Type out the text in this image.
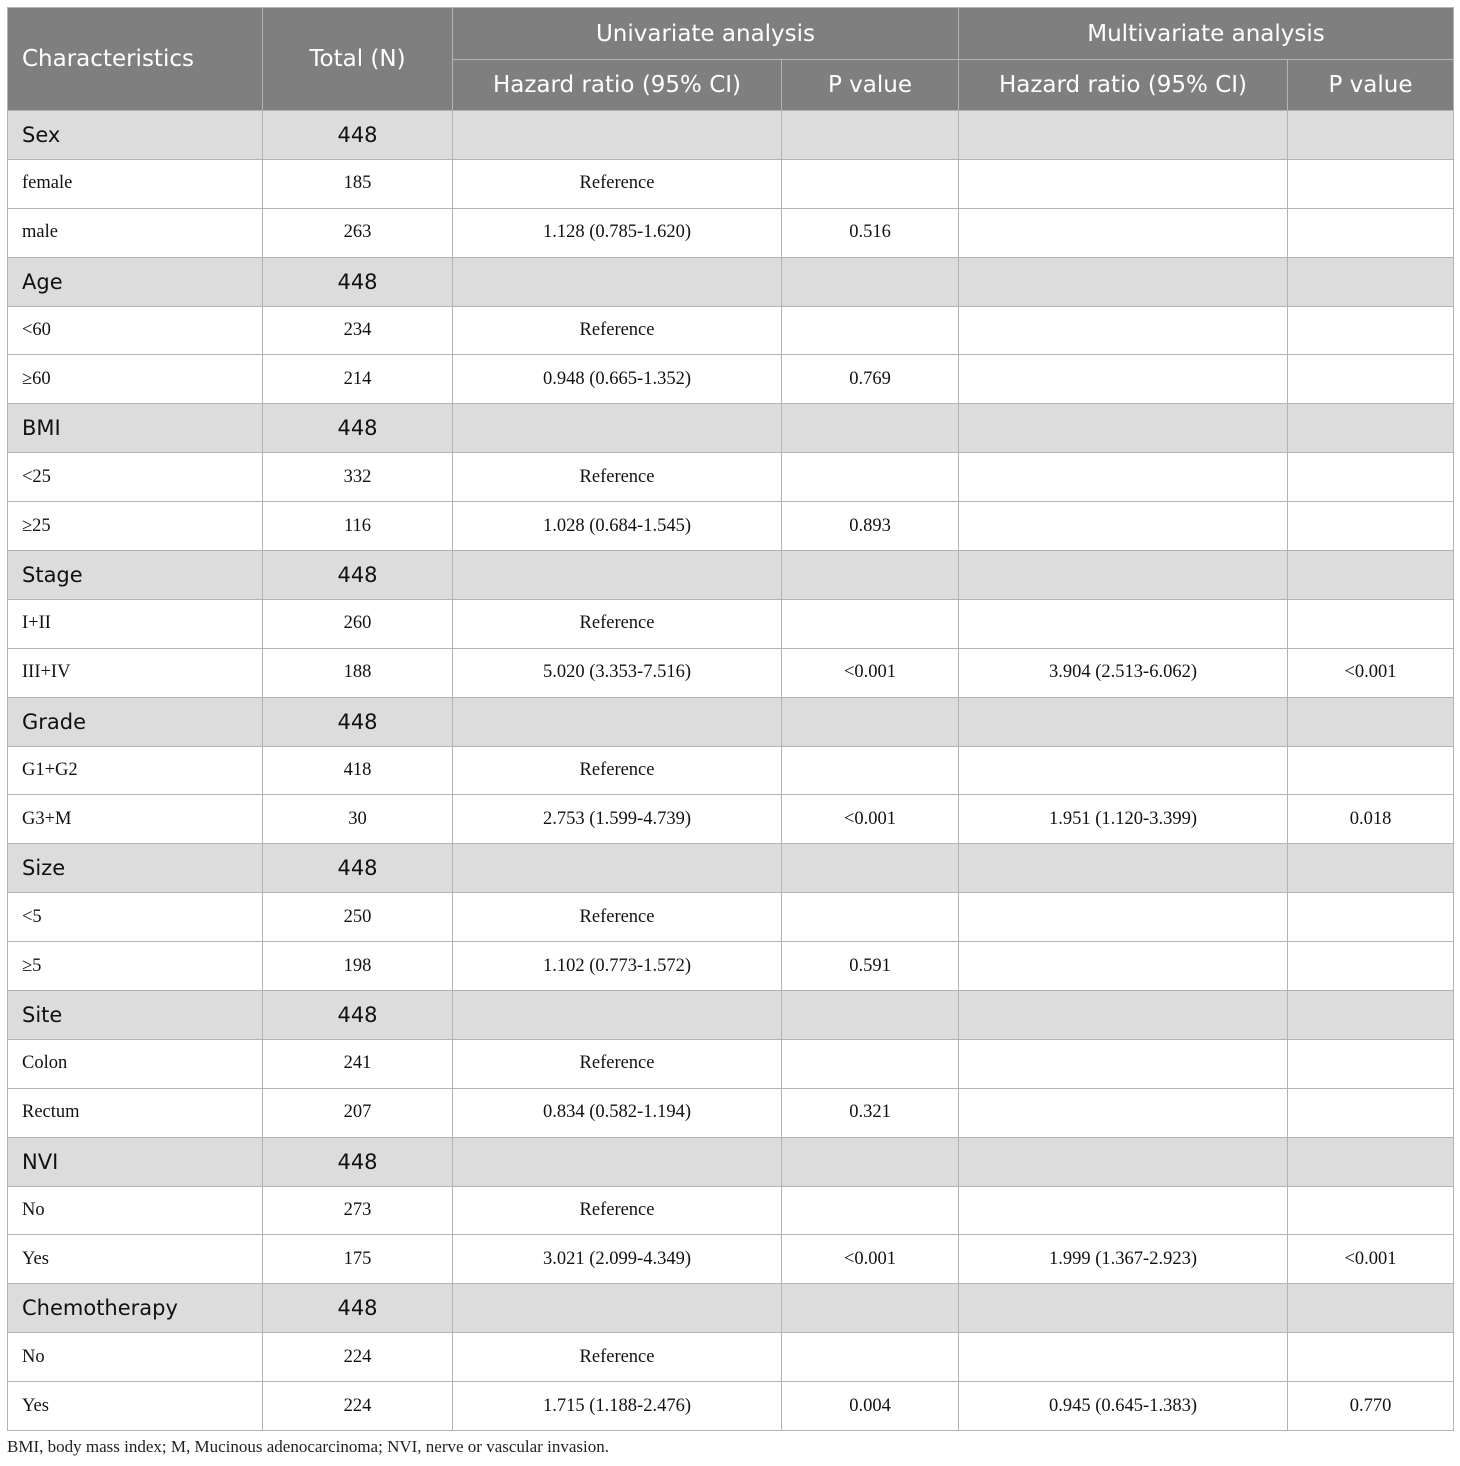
Characteristics	Total (N)	Univariate analysis		Multivariate analysis	
		Hazard ratio (95% CI)	P value	Hazard ratio (95% CI)	P value
Sex	448				
female	185	Reference			
male	263	1.128 (0.785-1.620)	0.516		
Age	448				
<60	234	Reference			
≥60	214	0.948 (0.665-1.352)	0.769		
BMI	448				
<25	332	Reference			
≥25	116	1.028 (0.684-1.545)	0.893		
Stage	448				
I+II	260	Reference			
III+IV	188	5.020 (3.353-7.516)	<0.001	3.904 (2.513-6.062)	<0.001
Grade	448				
G1+G2	418	Reference			
G3+M	30	2.753 (1.599-4.739)	<0.001	1.951 (1.120-3.399)	0.018
Size	448				
<5	250	Reference			
≥5	198	1.102 (0.773-1.572)	0.591		
Site	448				
Colon	241	Reference			
Rectum	207	0.834 (0.582-1.194)	0.321		
NVI	448				
No	273	Reference			
Yes	175	3.021 (2.099-4.349)	<0.001	1.999 (1.367-2.923)	<0.001
Chemotherapy	448				
No	224	Reference			
Yes	224	1.715 (1.188-2.476)	0.004	0.945 (0.645-1.383)	0.770
BMI, body mass index; M, Mucinous adenocarcinoma; NVI, nerve or vascular invasion.
